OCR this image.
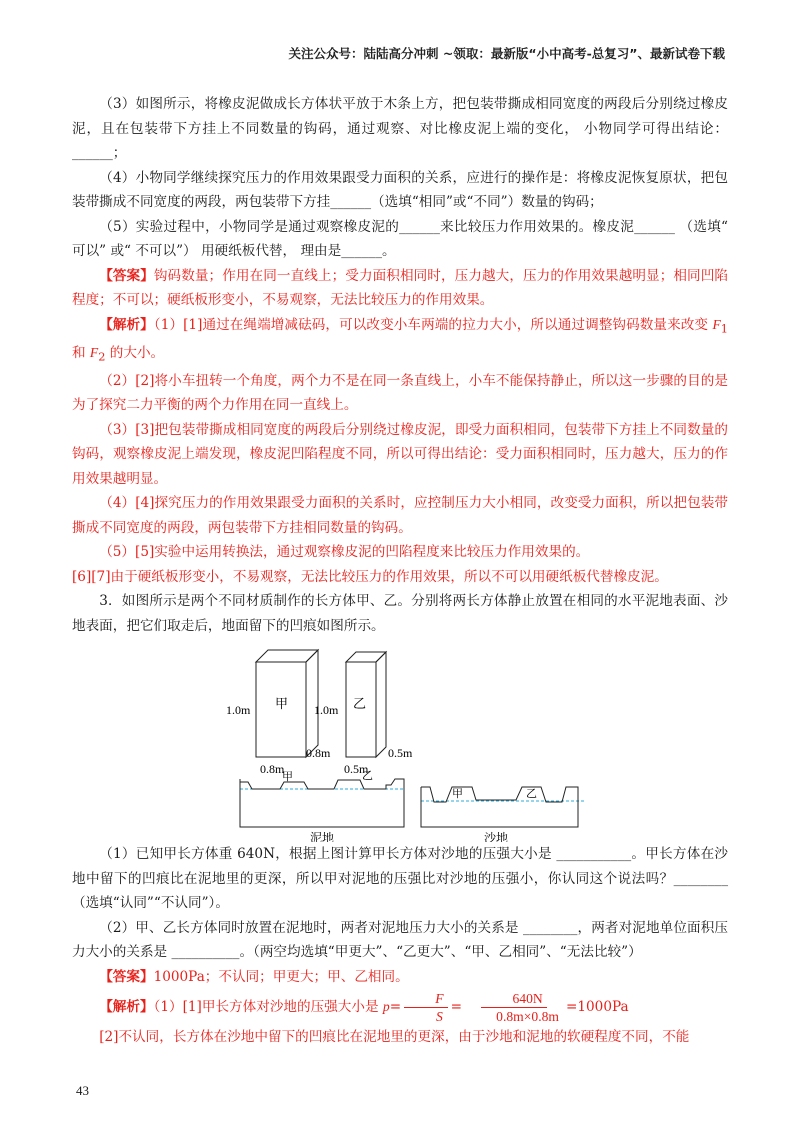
关注公众号：陆陆高分冲刺 ~领取：最新版“小中高考-总复习”、最新试卷下载

（3）如图所示，将橡皮泥做成长方体状平放于木条上方，把包装带撕成相同宽度的两段后分别绕过橡皮泥，且在包装带下方挂上不同数量的钩码，通过观察、对比橡皮泥上端的变化， 小物同学可得出结论：______；

（4）小物同学继续探究压力的作用效果跟受力面积的关系，应进行的操作是：将橡皮泥恢复原状，把包装带撕成不同宽度的两段，两包装带下方挂______（选填“相同”或“不同”）数量的钩码；

（5）实验过程中，小物同学是通过观察橡皮泥的______来比较压力作用效果的。橡皮泥______ （选填“ 可以” 或“ 不可以”） 用硬纸板代替， 理由是______。

【答案】钩码数量；作用在同一直线上；受力面积相同时，压力越大，压力的作用效果越明显；相同凹陷程度；不可以；硬纸板形变小，不易观察，无法比较压力的作用效果。

【解析】（1）[1]通过在绳端增减砝码，可以改变小车两端的拉力大小，所以通过调整钩码数量来改变 $F_1$和 $F_2$ 的大小。

（2）[2]将小车扭转一个角度，两个力不是在同一条直线上，小车不能保持静止，所以这一步骤的目的是为了探究二力平衡的两个力作用在同一直线上。

（3）[3]把包装带撕成相同宽度的两段后分别绕过橡皮泥，即受力面积相同，包装带下方挂上不同数量的钩码，观察橡皮泥上端发现，橡皮泥凹陷程度不同，所以可得出结论：受力面积相同时，压力越大，压力的作用效果越明显。

（4）[4]探究压力的作用效果跟受力面积的关系时，应控制压力大小相同，改变受力面积，所以把包装带撕成不同宽度的两段，两包装带下方挂相同数量的钩码。

（5）[5]实验中运用转换法，通过观察橡皮泥的凹陷程度来比较压力作用效果的。

[6][7]由于硬纸板形变小，不易观察，无法比较压力的作用效果，所以不可以用硬纸板代替橡皮泥。

3．如图所示是两个不同材质制作的长方体甲、乙。分别将两长方体静止放置在相同的水平泥地表面、沙地表面，把它们取走后，地面留下的凹痕如图所示。

甲
1.0m
0.8m
0.8m
乙
1.0m
0.5m
0.5m
甲	乙
泥地
甲	乙
沙地

（1）已知甲长方体重 640N，根据上图计算甲长方体对沙地的压强大小是 ___________。甲长方体在沙地中留下的凹痕比在泥地里的更深，所以甲对泥地的压强比对沙地的压强小，你认同这个说法吗？________（选填“认同”“不认同”）。

（2）甲、乙长方体同时放置在泥地时，两者对泥地压力大小的关系是 ________，两者对泥地单位面积压力大小的关系是 __________。（两空均选填“甲更大”、“乙更大”、“甲、乙相同”、“无法比较”）

【答案】1000Pa；不认同；甲更大；甲、乙相同。

【解析】（1）[1]甲长方体对沙地的压强大小是 $p= \frac{F}{S} = \frac{640N}{0.8m\times 0.8m} =1000Pa$

[2]不认同，长方体在沙地中留下的凹痕比在泥地里的更深，由于沙地和泥地的软硬程度不同，不能

43
